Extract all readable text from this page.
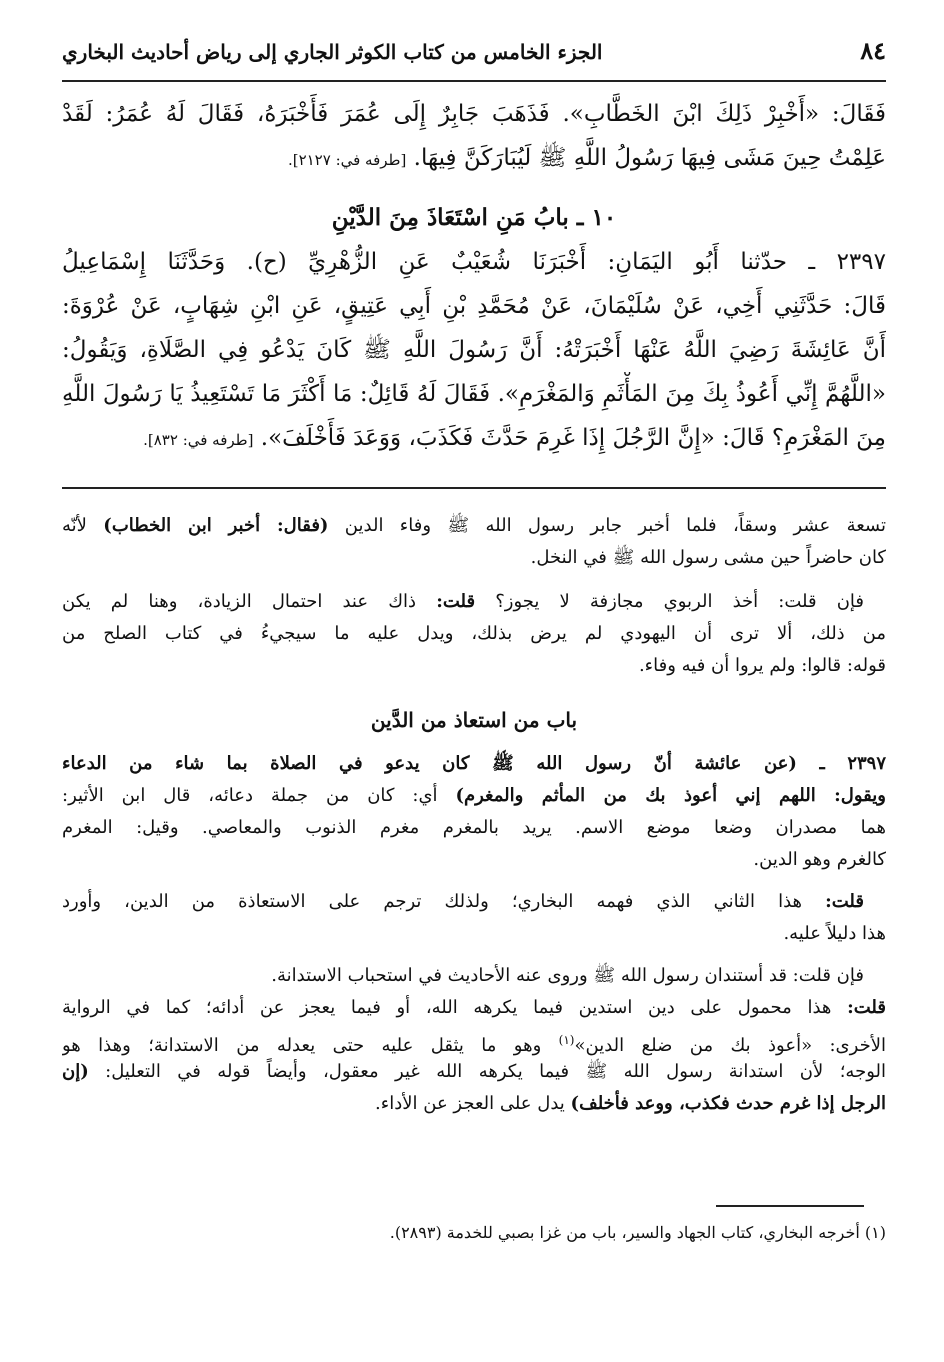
٨٤
الجزء الخامس من كتاب الكوثر الجاري إلى رياض أحاديث البخاري
فَقَالَ: «أَخْبِرْ ذَلِكَ ابْنَ الخَطَّابِ». فَذَهَبَ جَابِرٌ إِلَى عُمَرَ فَأَخْبَرَهُ، فَقَالَ لَهُ عُمَرُ: لَقَدْ
عَلِمْتُ حِينَ مَشَى فِيهَا رَسُولُ اللَّهِ ﷺ لَيُبَارَكَنَّ فِيهَا. [طرفه في: ٢١٢٧].
١٠ ـ بابُ مَنِ اسْتَعَاذَ مِنَ الدَّيْنِ
٢٣٩٧ ـ حدّثنا أَبُو اليَمَانِ: أَخْبَرَنَا شُعَيْبٌ عَنِ الزُّهْرِيِّ (ح). وَحَدَّثَنَا إِسْمَاعِيلُ
قَالَ: حَدَّثَنِي أَخِي، عَنْ سُلَيْمَانَ، عَنْ مُحَمَّدِ بْنِ أَبِي عَتِيقٍ، عَنِ ابْنِ شِهَابٍ، عَنْ عُرْوَةَ:
أَنَّ عَائِشَةَ رَضِيَ اللَّهُ عَنْهَا أَخْبَرَتْهُ: أَنَّ رَسُولَ اللَّهِ ﷺ كَانَ يَدْعُو فِي الصَّلَاةِ، وَيَقُولُ:
«اللَّهُمَّ إِنِّي أَعُوذُ بِكَ مِنَ المَأْثَمِ وَالمَغْرَمِ». فَقَالَ لَهُ قَائِلٌ: مَا أَكْثَرَ مَا تَسْتَعِيذُ يَا رَسُولَ اللَّهِ
مِنَ المَغْرَمِ؟ قَالَ: «إِنَّ الرَّجُلَ إِذَا غَرِمَ حَدَّثَ فَكَذَبَ، وَوَعَدَ فَأَخْلَفَ». [طرفه في: ٨٣٢].
تسعة عشر وسقاً، فلما أخبر جابر رسول الله ﷺ وفاء الدين (فقال: أخبر ابن الخطاب) لأنّه
كان حاضراً حين مشى رسول الله ﷺ في النخل.
فإن قلت: أخذ الربوي مجازفة لا يجوز؟ قلت: ذاك عند احتمال الزيادة، وهنا لم يكن
من ذلك، ألا ترى أن اليهودي لم يرض بذلك، ويدل عليه ما سيجيءُ في كتاب الصلح من
قوله: قالوا: ولم يروا أن فيه وفاء.
باب من استعاذ من الدَّين
٢٣٩٧ ـ (عن عائشة أنّ رسول الله ﷺ كان يدعو في الصلاة بما شاء من الدعاء
ويقول: اللهم إني أعوذ بك من المأثم والمغرم) أي: كان من جملة دعائه، قال ابن الأثير:
هما مصدران وضعا موضع الاسم. يريد بالمغرم مغرم الذنوب والمعاصي. وقيل: المغرم
كالغرم وهو الدين.
قلت: هذا الثاني الذي فهمه البخاري؛ ولذلك ترجم على الاستعاذة من الدين، وأورد
هذا دليلاً عليه.
فإن قلت: قد أستندان رسول الله ﷺ وروى عنه الأحاديث في استحباب الاستدانة.
قلت: هذا محمول على دين استدين فيما يكرهه الله، أو فيما يعجز عن أدائه؛ كما في الرواية
الأخرى: «أعوذ بك من ضلع الدين»$^{(١)}$ وهو ما يثقل عليه حتى يعدله من الاستدانة؛ وهذا هو
الوجه؛ لأن استدانة رسول الله ﷺ فيما يكرهه الله غير معقول، وأيضاً قوله في التعليل: (إن
الرجل إذا غرم حدث فكذب، ووعد فأخلف) يدل على العجز عن الأداء.
(١) أخرجه البخاري، كتاب الجهاد والسير، باب من غزا بصبي للخدمة (٢٨٩٣).
